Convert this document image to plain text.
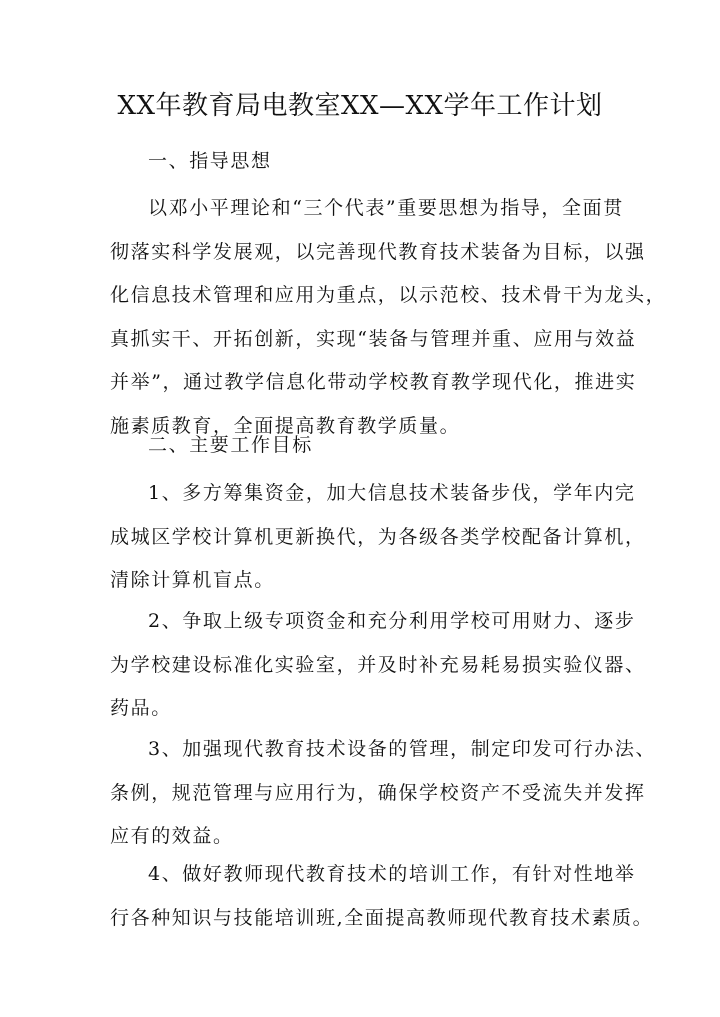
XX年教育局电教室XX—XX学年工作计划
一、指导思想
以邓小平理论和“三个代表”重要思想为指导，全面贯
彻落实科学发展观，以完善现代教育技术装备为目标，以强
化信息技术管理和应用为重点，以示范校、技术骨干为龙头，
真抓实干、开拓创新，实现“装备与管理并重、应用与效益
并举”，通过教学信息化带动学校教育教学现代化，推进实
施素质教育，全面提高教育教学质量。
二、主要工作目标
1、多方筹集资金，加大信息技术装备步伐，学年内完
成城区学校计算机更新换代，为各级各类学校配备计算机，
清除计算机盲点。
2、争取上级专项资金和充分利用学校可用财力、逐步
为学校建设标准化实验室，并及时补充易耗易损实验仪器、
药品。
3、加强现代教育技术设备的管理，制定印发可行办法、
条例，规范管理与应用行为，确保学校资产不受流失并发挥
应有的效益。
4、做好教师现代教育技术的培训工作，有针对性地举
行各种知识与技能培训班,全面提高教师现代教育技术素质。
